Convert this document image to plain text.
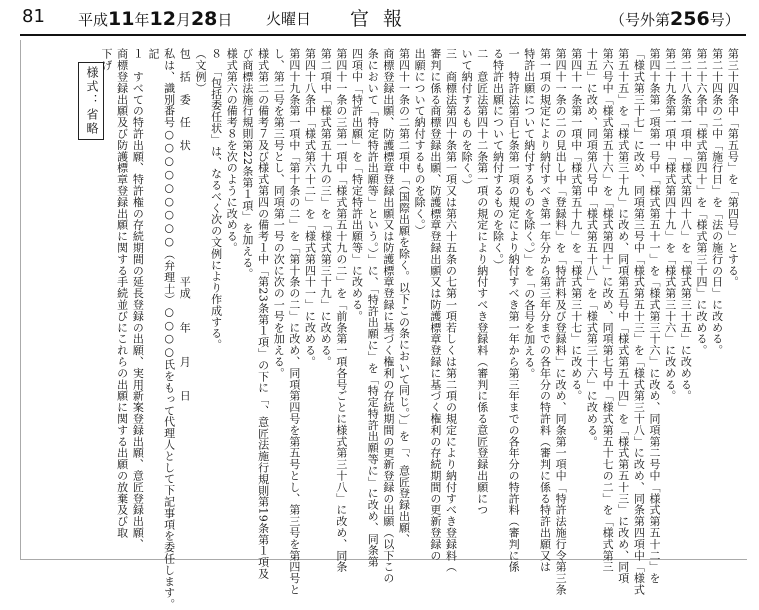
81 平成11年12月28日 火曜日 官報	（号外第256号）
様式：省略	第三十四条中「第五号」を「第四号」とする。
第二十四条の二中「施行日」を「法の施行の日」に改める。
第二十六条中「様式第四十」を「様式第三十四」に改める。
第二十八条第一項中「様式第四十八」を「様式第三十五」に改める。
第二十九条第一項中「様式第四十九」を「様式第三十六」に改める。
第四十条第一項第一号中「様式第五十一」を「様式第三十六」に改め、同項第二号中「様式第五十二」を
「様式第三十七」に改め、同項第三号中「様式第五十三」を「様式第三十八」に改め、同条第四項中「様式
第五十五」を「様式第三十九」に改め、同項第五号中「様式第五十四」を「様式第五十三」に改め、同項
第六号中「様式第五十六」を「様式第四十」に改め、同項第七号中「様式第五十七の二」を「様式第三
十五」に改め、同項第八号中「様式第五十八」を「様式第三十六」に改める。
第四十一条第一項中「様式第五十九」を「様式第三十七」に改める。
第四十一条の二の見出し中「登録料」を「特許料及び登録料」に改め、同条第一項中「特許法施行令第三条
第一項の規定により納付すべき第一年分から第三年分までの各年分の特許料（審判に係る特許出願又は
特許出願について納付するものを除く。）」を「の各号を加える。
一　特許法第百七条第一項の規定により納付すべき第一年から第三年までの各年分の特許料（審判に係
る特許出願について納付するものを除く。）
二　意匠法第四十二条第一項の規定により納付すべき登録料（審判に係る意匠登録出願につ
いて納付するものを除く。）
三　商標法第四十条第一項又は第六十五条の七第一項若しくは第二項の規定により納付すべき登録料（
審判に係る商標登録出願、防護標章登録出願又は防護標章登録に基づく権利の存続期間の更新登録の
出願について納付するものを除く。）
第四十一条の二第二項中「（国際出願を除く。以下この条において同じ。）」を「、意匠登録出願、
商標登録出願、防護標章登録出願又は防護標章登録に基づく権利の存続期間の更新登録の出願（以下この
条において「特定特許出願等」という。）」に、「特許出願に」を「特定特許出願等に」に改め、同条第
四項中「特許出願」を「特定特許出願等」に改める。
第四十一条の三第一項中「様式第五十九の二」を「前条第一項各号ごとに様式第三十八」に改め、同条
第二項中「様式第五十九の三」を「様式第三十九」に改める。
第四十八条中「様式第六十二」を「様式第四十一」に改める。
第四十九条第一項中「第十条の二」を「第十条の二」に改め、同項第四号を第五号とし、第三号を第四号と
し、第二号を第三号とし、同項第一号の次に次の一号を加える。
様式第二の備考７及び様式第四の備考１中「第23条第１項」の下に「、意匠法施行規則第19条第１項及
び商標法施行規則第22条第１項」を加える。
様式第六の備考８を次のように改める。
８　「包括委任状」は、なるべく次の文例により作成する。
（文例）
包　括　委　任　状　　　　　　　　　　　平成　　年　　月　　日
私は、識別番号○○○○○○○○○（弁理士）○○○○氏をもって代理人として下記事項を委任します。
記
１　すべての特許出願、特許権の存続期間の延長登録の出願、実用新案登録出願、意匠登録出願、
商標登録出願及び防護標章登録出願に関する手続並びにこれらの出願に関する出願の放棄及び取
下げ
